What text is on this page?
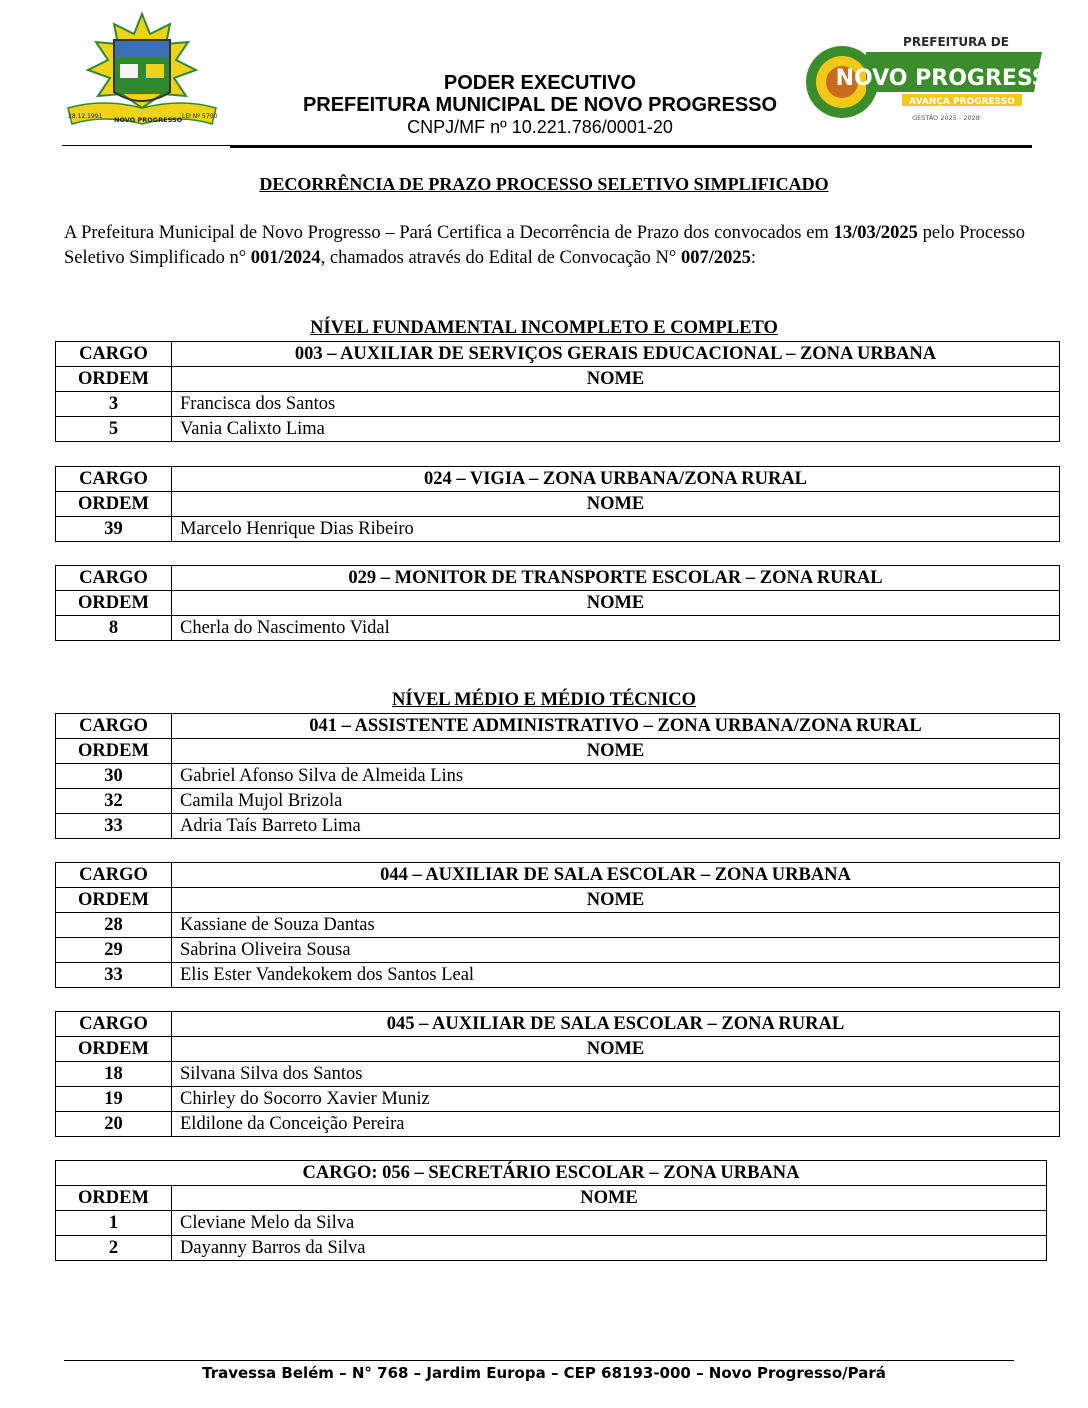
28.12.1991 NOVO PROGRESSO LEI Nº 5700
PREFEITURA DE
NOVO PROGRESSO
AVANÇA PROGRESSO
GESTÃO 2025 - 2028
PODER EXECUTIVO
PREFEITURA MUNICIPAL DE NOVO PROGRESSO
CNPJ/MF nº 10.221.786/0001-20
DECORRÊNCIA DE PRAZO PROCESSO SELETIVO SIMPLIFICADO
A Prefeitura Municipal de Novo Progresso – Pará Certifica a Decorrência de Prazo dos convocados em 13/03/2025 pelo Processo Seletivo Simplificado n° 001/2024, chamados através do Edital de Convocação N° 007/2025:
NÍVEL FUNDAMENTAL INCOMPLETO E COMPLETO
CARGO	003 – AUXILIAR DE SERVIÇOS GERAIS EDUCACIONAL – ZONA URBANA
ORDEM	NOME
3	Francisca dos Santos
5	Vania Calixto Lima
CARGO	024 – VIGIA – ZONA URBANA/ZONA RURAL
ORDEM	NOME
39	Marcelo Henrique Dias Ribeiro
CARGO	029 – MONITOR DE TRANSPORTE ESCOLAR – ZONA RURAL
ORDEM	NOME
8	Cherla do Nascimento Vidal
NÍVEL MÉDIO E MÉDIO TÉCNICO
CARGO	041 – ASSISTENTE ADMINISTRATIVO – ZONA URBANA/ZONA RURAL
ORDEM	NOME
30	Gabriel Afonso Silva de Almeida Lins
32	Camila Mujol Brizola
33	Adria Taís Barreto Lima
CARGO	044 – AUXILIAR DE SALA ESCOLAR – ZONA URBANA
ORDEM	NOME
28	Kassiane de Souza Dantas
29	Sabrina Oliveira Sousa
33	Elis Ester Vandekokem dos Santos Leal
CARGO	045 – AUXILIAR DE SALA ESCOLAR – ZONA RURAL
ORDEM	NOME
18	Silvana Silva dos Santos
19	Chirley do Socorro Xavier Muniz
20	Eldilone da Conceição Pereira
CARGO: 056 – SECRETÁRIO ESCOLAR – ZONA URBANA	
ORDEM	NOME
1	Cleviane Melo da Silva
2	Dayanny Barros da Silva
Travessa Belém – N° 768 – Jardim Europa – CEP 68193-000 – Novo Progresso/Pará
